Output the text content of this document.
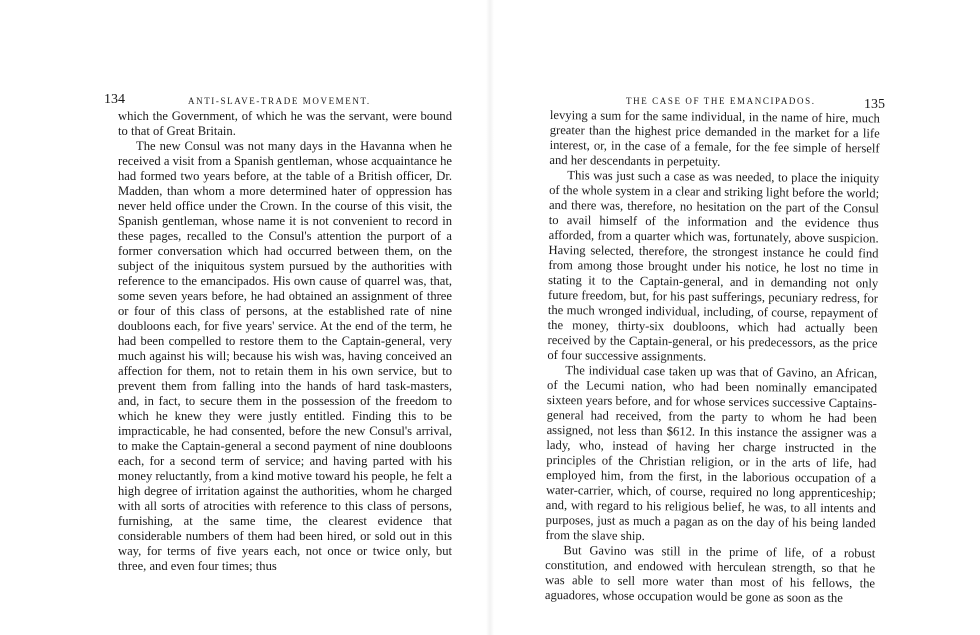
134	ANTI-SLAVE-TRADE MOVEMENT.

which the Government, of which he was the servant, were bound to that of Great Britain.

The new Consul was not many days in the Havanna when he received a visit from a Spanish gentleman, whose acquaintance he had formed two years before, at the table of a British officer, Dr. Madden, than whom a more determined hater of oppression has never held office under the Crown. In the course of this visit, the Spanish gentleman, whose name it is not convenient to record in these pages, recalled to the Consul's attention the purport of a former conversation which had occurred between them, on the subject of the iniquitous system pursued by the authorities with reference to the emancipados. His own cause of quarrel was, that, some seven years before, he had obtained an assignment of three or four of this class of persons, at the established rate of nine doubloons each, for five years' service. At the end of the term, he had been compelled to restore them to the Captain-general, very much against his will; because his wish was, having conceived an affection for them, not to retain them in his own service, but to prevent them from falling into the hands of hard task-masters, and, in fact, to secure them in the possession of the freedom to which he knew they were justly entitled. Finding this to be impracticable, he had consented, before the new Consul's arrival, to make the Captain-general a second payment of nine doubloons each, for a second term of service; and having parted with his money reluctantly, from a kind motive toward his people, he felt a high degree of irritation against the authorities, whom he charged with all sorts of atrocities with reference to this class of persons, furnishing, at the same time, the clearest evidence that considerable numbers of them had been hired, or sold out in this way, for terms of five years each, not once or twice only, but three, and even four times; thus

THE CASE OF THE EMANCIPADOS.	135

levying a sum for the same individual, in the name of hire, much greater than the highest price demanded in the market for a life interest, or, in the case of a female, for the fee simple of herself and her descendants in perpetuity.

This was just such a case as was needed, to place the iniquity of the whole system in a clear and striking light before the world; and there was, therefore, no hesitation on the part of the Consul to avail himself of the information and the evidence thus afforded, from a quarter which was, fortunately, above suspicion. Having selected, therefore, the strongest instance he could find from among those brought under his notice, he lost no time in stating it to the Captain-general, and in demanding not only future freedom, but, for his past sufferings, pecuniary redress, for the much wronged individual, including, of course, repayment of the money, thirty-six doubloons, which had actually been received by the Captain-general, or his predecessors, as the price of four successive assignments.

The individual case taken up was that of Gavino, an African, of the Lecumi nation, who had been nominally emancipated sixteen years before, and for whose services successive Captains-general had received, from the party to whom he had been assigned, not less than $612. In this instance the assigner was a lady, who, instead of having her charge instructed in the principles of the Christian religion, or in the arts of life, had employed him, from the first, in the laborious occupation of a water-carrier, which, of course, required no long apprenticeship; and, with regard to his religious belief, he was, to all intents and purposes, just as much a pagan as on the day of his being landed from the slave ship.

But Gavino was still in the prime of life, of a robust constitution, and endowed with herculean strength, so that he was able to sell more water than most of his fellows, the aguadores, whose occupation would be gone as soon as the
